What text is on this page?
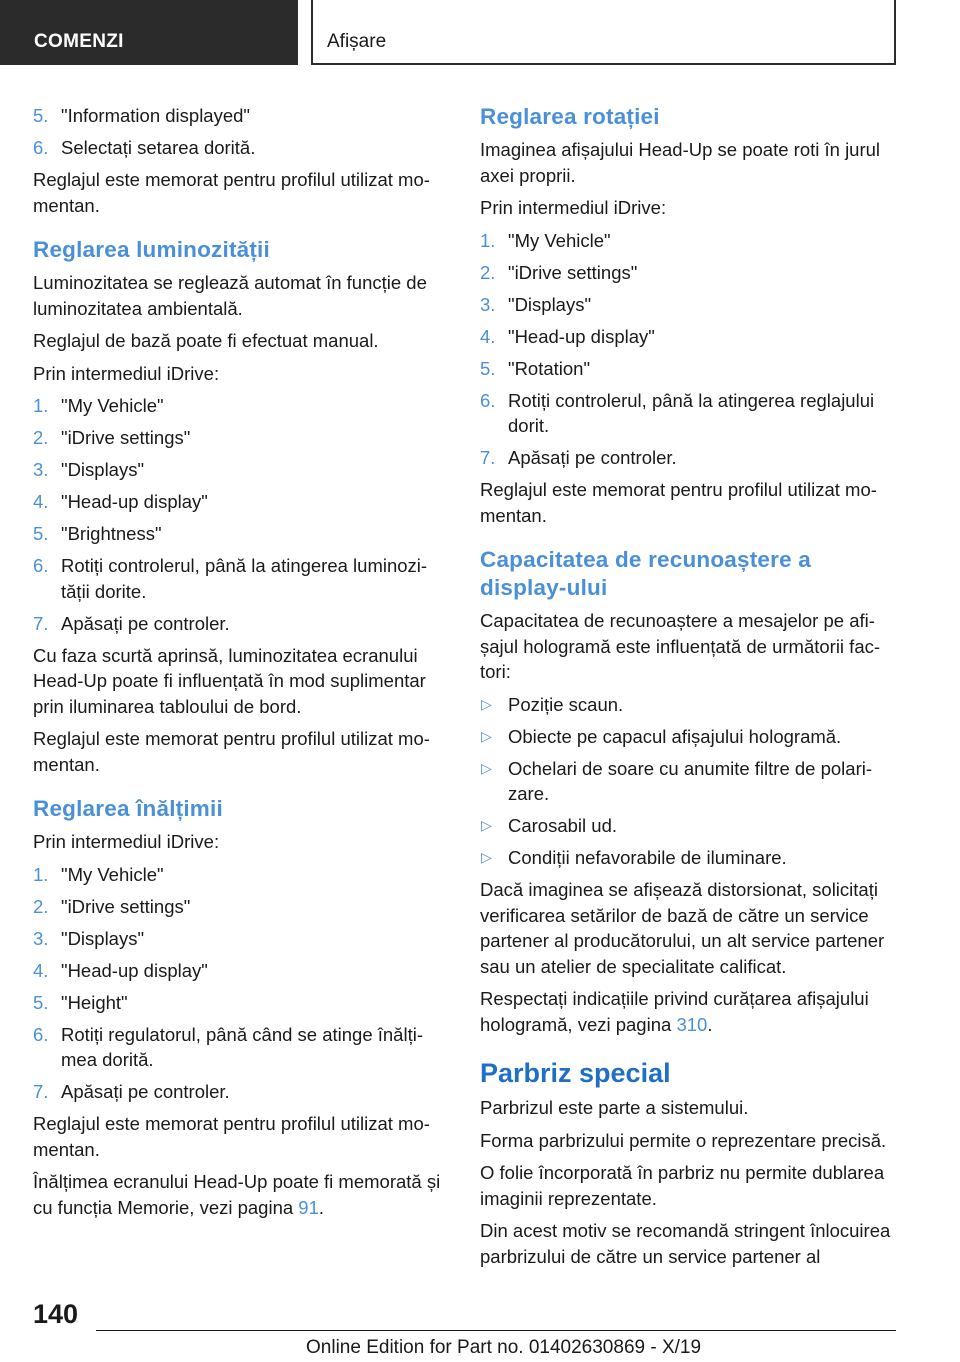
COMENZI	Afișare
5. "Information displayed"
6. Selectați setarea dorită.

Reglajul este memorat pentru profilul utilizat momentan.

Reglarea luminozității

Luminozitatea se reglează automat în funcție de luminozitatea ambientală.

Reglajul de bază poate fi efectuat manual.

Prin intermediul iDrive:

1. "My Vehicle"
2. "iDrive settings"
3. "Displays"
4. "Head-up display"
5. "Brightness"
6. Rotiți controlerul, până la atingerea luminozității dorite.
7. Apăsați pe controler.

Cu faza scurtă aprinsă, luminozitatea ecranului Head-Up poate fi influențată în mod suplimentar prin iluminarea tabloului de bord.

Reglajul este memorat pentru profilul utilizat momentan.

Reglarea înălțimii

Prin intermediul iDrive:

1. "My Vehicle"
2. "iDrive settings"
3. "Displays"
4. "Head-up display"
5. "Height"
6. Rotiți regulatorul, până când se atinge înălțimea dorită.
7. Apăsați pe controler.

Reglajul este memorat pentru profilul utilizat momentan.

Înălțimea ecranului Head-Up poate fi memorată și cu funcția Memorie, vezi pagina 91.

Reglarea rotației

Imaginea afișajului Head-Up se poate roti în jurul axei proprii.

Prin intermediul iDrive:

1. "My Vehicle"
2. "iDrive settings"
3. "Displays"
4. "Head-up display"
5. "Rotation"
6. Rotiți controlerul, până la atingerea reglajului dorit.
7. Apăsați pe controler.

Reglajul este memorat pentru profilul utilizat momentan.

Capacitatea de recunoaștere a display-ului

Capacitatea de recunoaștere a mesajelor pe afișajul hologramă este influențată de următorii factori:

▷ Poziție scaun.
▷ Obiecte pe capacul afișajului hologramă.
▷ Ochelari de soare cu anumite filtre de polarizare.
▷ Carosabil ud.
▷ Condiții nefavorabile de iluminare.

Dacă imaginea se afișează distorsionat, solicitați verificarea setărilor de bază de către un service partener al producătorului, un alt service partener sau un atelier de specialitate calificat.

Respectați indicațiile privind curățarea afișajului hologramă, vezi pagina 310.

Parbriz special

Parbrizul este parte a sistemului.

Forma parbrizului permite o reprezentare precisă.

O folie încorporată în parbriz nu permite dublarea imaginii reprezentate.

Din acest motiv se recomandă stringent înlocuirea parbrizului de către un service partener al

140
Online Edition for Part no. 01402630869 - X/19
